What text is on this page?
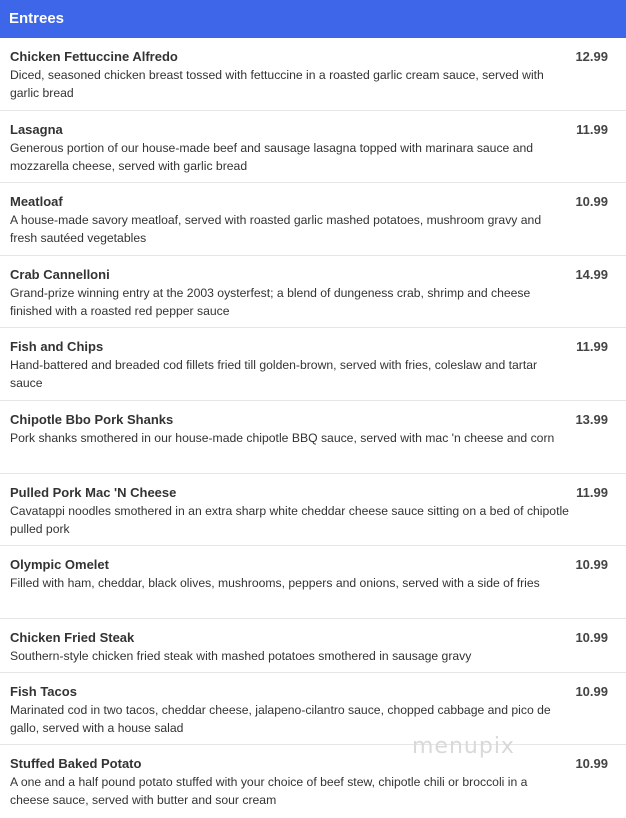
Entrees
Chicken Fettuccine Alfredo	12.99
Diced, seasoned chicken breast tossed with fettuccine in a roasted garlic cream sauce, served with garlic bread
Lasagna	11.99
Generous portion of our house-made beef and sausage lasagna topped with marinara sauce and mozzarella cheese, served with garlic bread
Meatloaf	10.99
A house-made savory meatloaf, served with roasted garlic mashed potatoes, mushroom gravy and fresh sautéed vegetables
Crab Cannelloni	14.99
Grand-prize winning entry at the 2003 oysterfest; a blend of dungeness crab, shrimp and cheese finished with a roasted red pepper sauce
Fish and Chips	11.99
Hand-battered and breaded cod fillets fried till golden-brown, served with fries, coleslaw and tartar sauce
Chipotle Bbo Pork Shanks	13.99
Pork shanks smothered in our house-made chipotle BBQ sauce, served with mac 'n cheese and corn
Pulled Pork Mac 'N Cheese	11.99
Cavatappi noodles smothered in an extra sharp white cheddar cheese sauce sitting on a bed of chipotle pulled pork
Olympic Omelet	10.99
Filled with ham, cheddar, black olives, mushrooms, peppers and onions, served with a side of fries
Chicken Fried Steak	10.99
Southern-style chicken fried steak with mashed potatoes smothered in sausage gravy
Fish Tacos	10.99
Marinated cod in two tacos, cheddar cheese, jalapeno-cilantro sauce, chopped cabbage and pico de gallo, served with a house salad
Stuffed Baked Potato	10.99
A one and a half pound potato stuffed with your choice of beef stew, chipotle chili or broccoli in a cheese sauce, served with butter and sour cream
menupix
